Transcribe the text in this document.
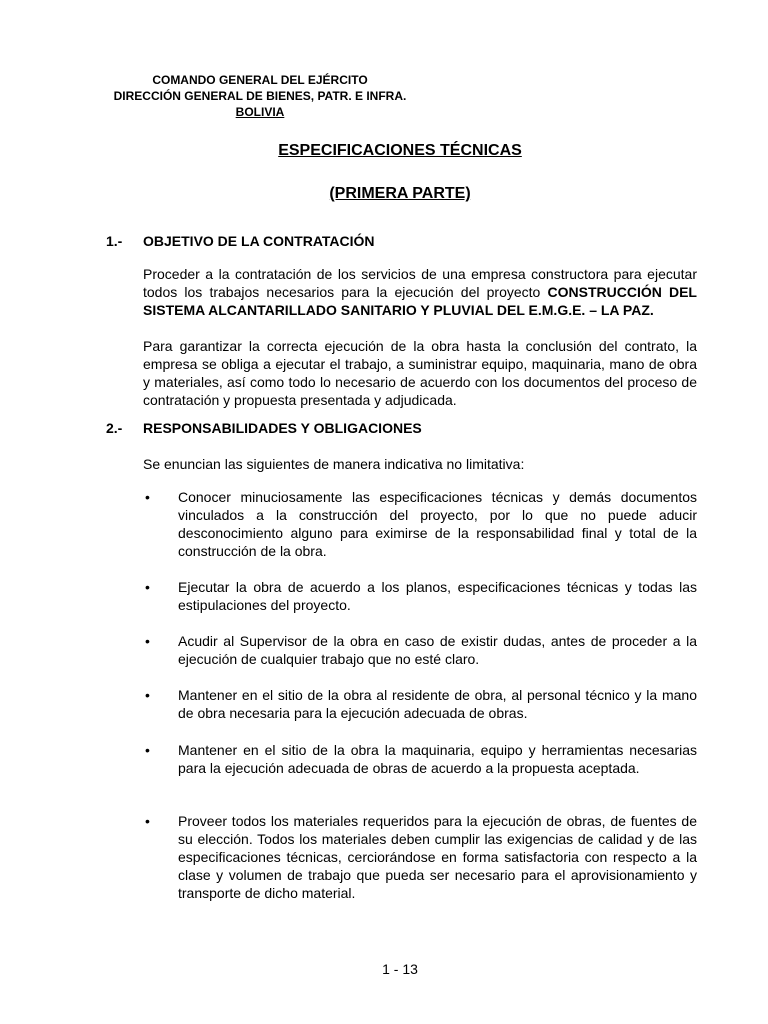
COMANDO GENERAL DEL EJÉRCITO
DIRECCIÓN GENERAL DE BIENES, PATR. E INFRA.
BOLIVIA
ESPECIFICACIONES TÉCNICAS
(PRIMERA PARTE)
1.- OBJETIVO DE LA CONTRATACIÓN
Proceder a la contratación de los servicios de una empresa constructora para ejecutar todos los trabajos necesarios para la ejecución del proyecto CONSTRUCCIÓN DEL SISTEMA ALCANTARILLADO SANITARIO Y PLUVIAL DEL E.M.G.E. – LA PAZ.
Para garantizar la correcta ejecución de la obra hasta la conclusión del contrato, la empresa se obliga a ejecutar el trabajo, a suministrar equipo, maquinaria, mano de obra y materiales, así como todo lo necesario de acuerdo con los documentos del proceso de contratación y propuesta presentada y adjudicada.
2.- RESPONSABILIDADES Y OBLIGACIONES
Se enuncian las siguientes de manera indicativa no limitativa:
• Conocer minuciosamente las especificaciones técnicas y demás documentos vinculados a la construcción del proyecto, por lo que no puede aducir desconocimiento alguno para eximirse de la responsabilidad final y total de la construcción de la obra.
• Ejecutar la obra de acuerdo a los planos, especificaciones técnicas y todas las estipulaciones del proyecto.
• Acudir al Supervisor de la obra en caso de existir dudas, antes de proceder a la ejecución de cualquier trabajo que no esté claro.
• Mantener en el sitio de la obra al residente de obra, al personal técnico y la mano de obra necesaria para la ejecución adecuada de obras.
• Mantener en el sitio de la obra la maquinaria, equipo y herramientas necesarias para la ejecución adecuada de obras de acuerdo a la propuesta aceptada.
• Proveer todos los materiales requeridos para la ejecución de obras, de fuentes de su elección. Todos los materiales deben cumplir las exigencias de calidad y de las especificaciones técnicas, cerciorándose en forma satisfactoria con respecto a la clase y volumen de trabajo que pueda ser necesario para el aprovisionamiento y transporte de dicho material.
1 - 13
